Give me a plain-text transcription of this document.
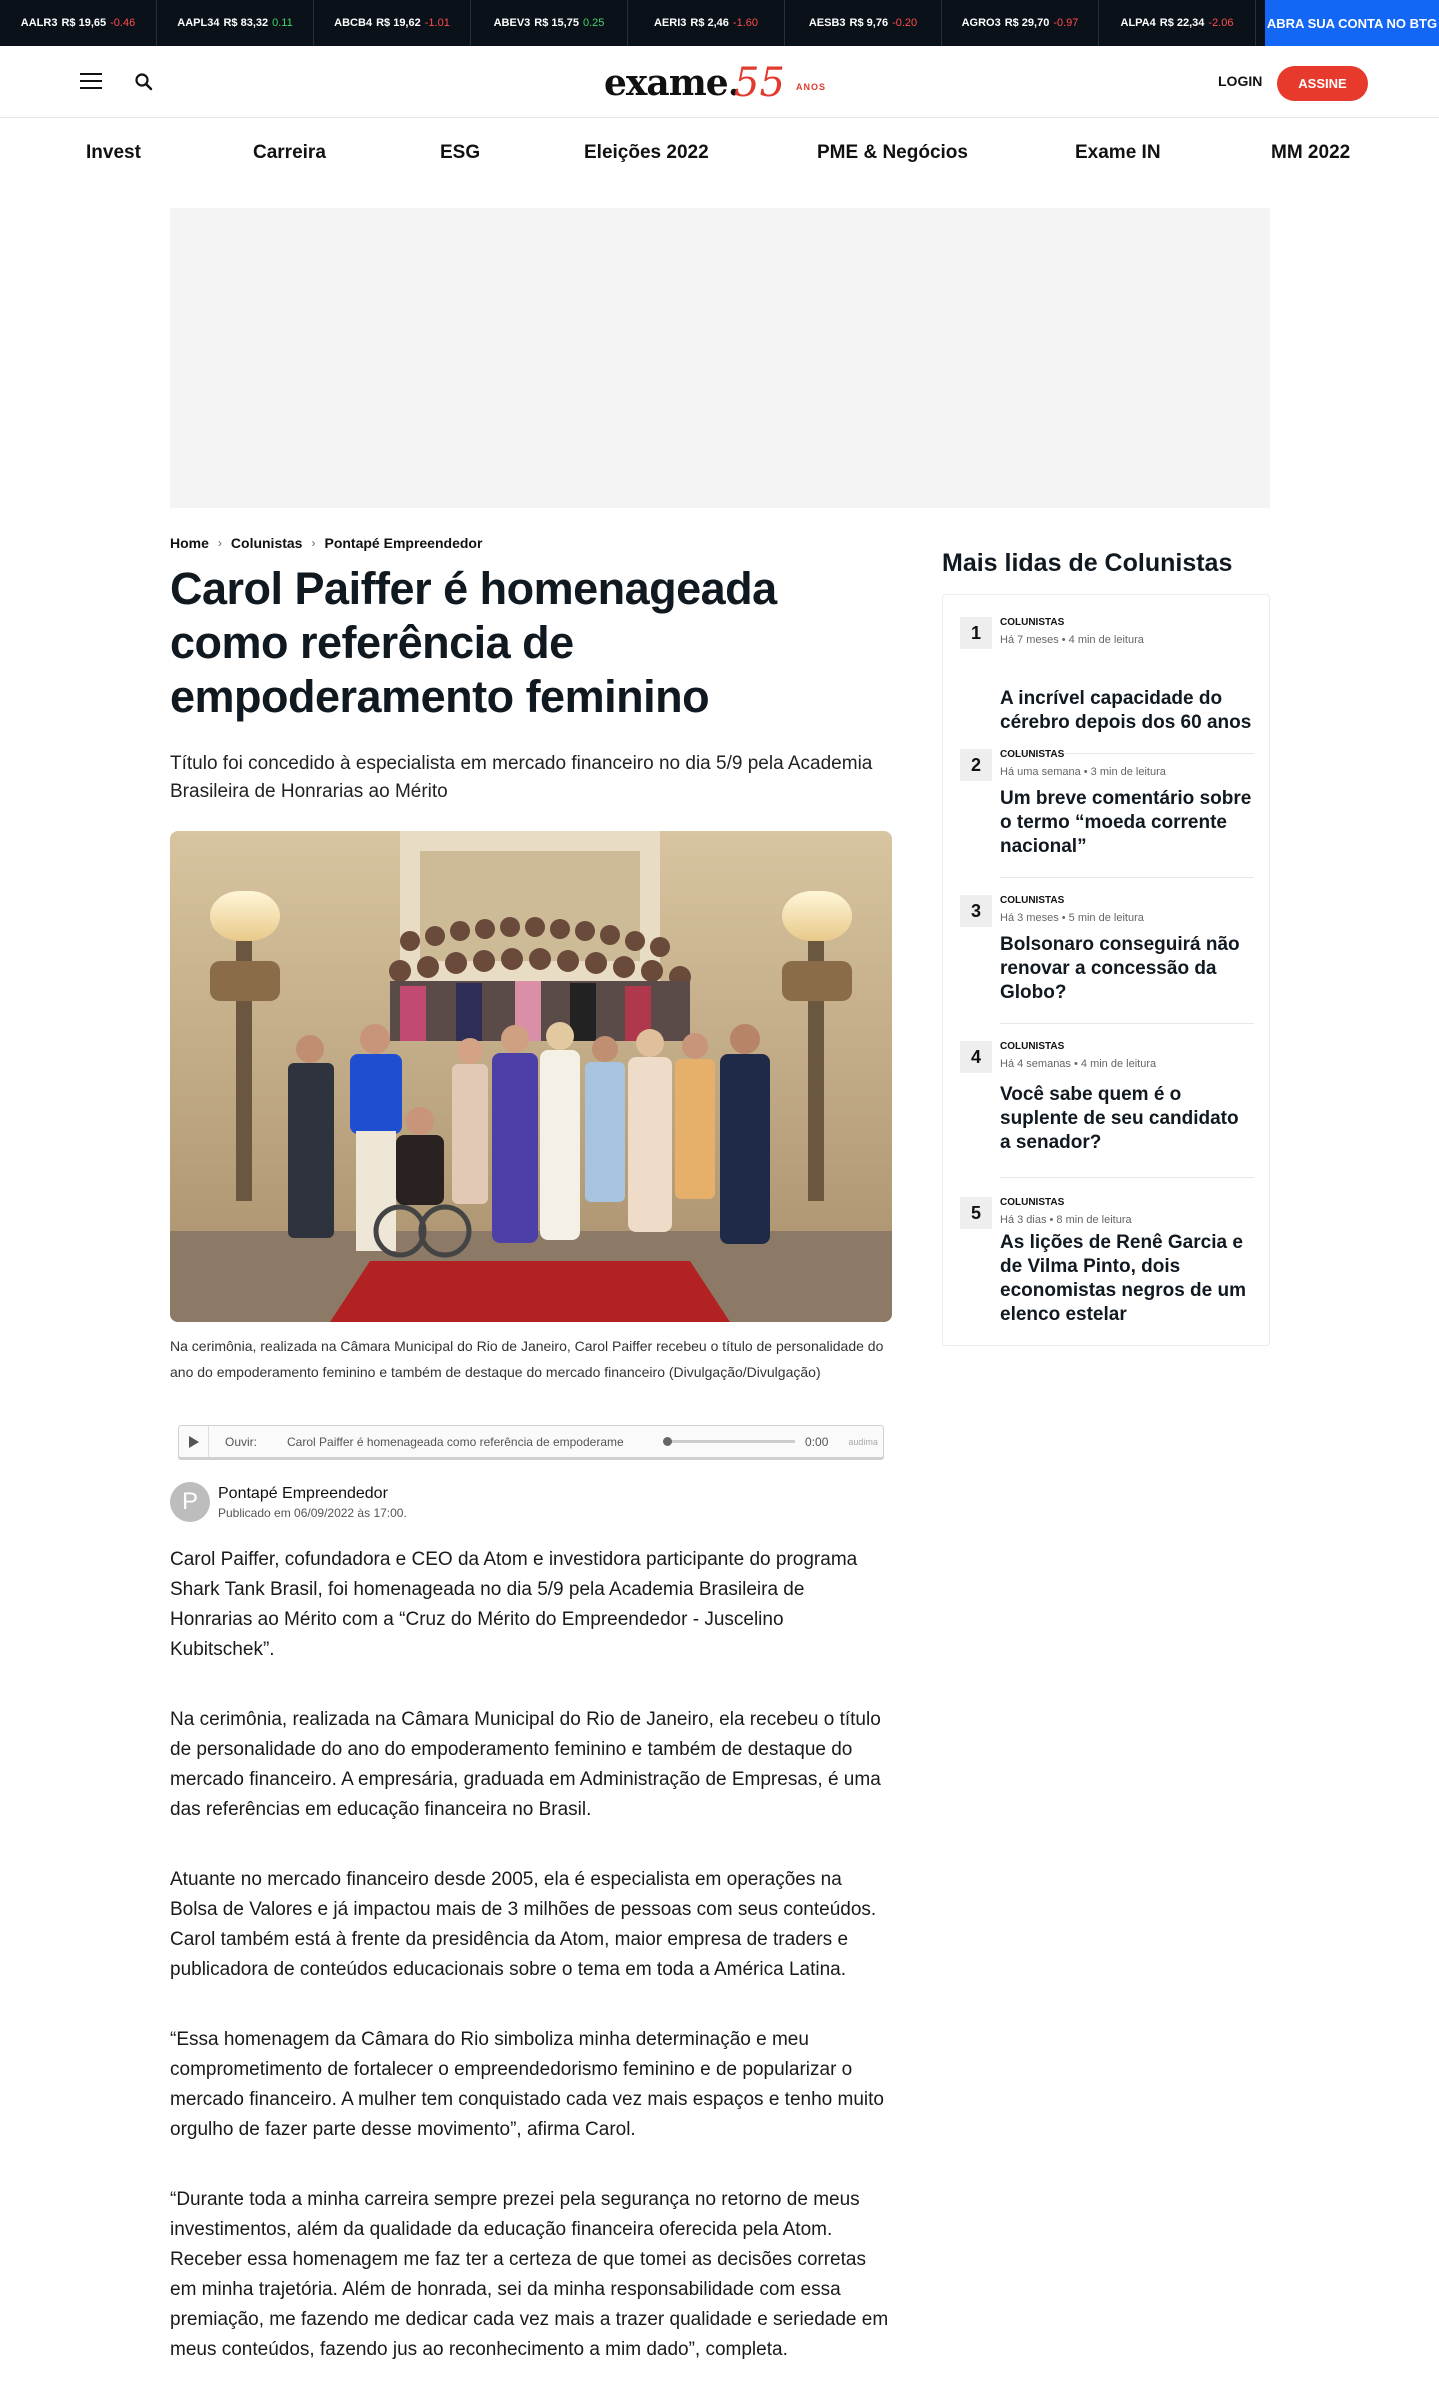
AALR3 R$ 19,65 -0.46	AAPL34 R$ 83,32 0.11	ABCB4 R$ 19,62 -1.01	ABEV3 R$ 15,75 0.25	AERI3 R$ 2,46 -1.60	AESB3 R$ 9,76 -0.20	AGRO3 R$ 29,70 -0.97	ALPA4 R$ 22,34 -2.06	ABRA SUA CONTA NO BTG
exame.
55 ANOS	LOGIN	ASSINE
Invest	Carreira	ESG	Eleições 2022	PME & Negócios	Exame IN	MM 2022
Home › Colunistas › Pontapé Empreendedor
Carol Paiffer é homenageada como referência de empoderamento feminino

Título foi concedido à especialista em mercado financeiro no dia 5/9 pela Academia Brasileira de Honrarias ao Mérito

Na cerimônia, realizada na Câmara Municipal do Rio de Janeiro, Carol Paiffer recebeu o título de personalidade do ano do empoderamento feminino e também de destaque do mercado financeiro (Divulgação/Divulgação)

Ouvir:	Carol Paiffer é homenageada como referência de empoderame	0:00 audima
P	Pontapé Empreendedor
Publicado em 06/09/2022 às 17:00.

Carol Paiffer, cofundadora e CEO da Atom e investidora participante do programa Shark Tank Brasil, foi homenageada no dia 5/9 pela Academia Brasileira de Honrarias ao Mérito com a “Cruz do Mérito do Empreendedor - Juscelino Kubitschek”.

Na cerimônia, realizada na Câmara Municipal do Rio de Janeiro, ela recebeu o título de personalidade do ano do empoderamento feminino e também de destaque do mercado financeiro. A empresária, graduada em Administração de Empresas, é uma das referências em educação financeira no Brasil.

Atuante no mercado financeiro desde 2005, ela é especialista em operações na Bolsa de Valores e já impactou mais de 3 milhões de pessoas com seus conteúdos. Carol também está à frente da presidência da Atom, maior empresa de traders e publicadora de conteúdos educacionais sobre o tema em toda a América Latina.

“Essa homenagem da Câmara do Rio simboliza minha determinação e meu comprometimento de fortalecer o empreendedorismo feminino e de popularizar o mercado financeiro. A mulher tem conquistado cada vez mais espaços e tenho muito orgulho de fazer parte desse movimento”, afirma Carol.

“Durante toda a minha carreira sempre prezei pela segurança no retorno de meus investimentos, além da qualidade da educação financeira oferecida pela Atom. Receber essa homenagem me faz ter a certeza de que tomei as decisões corretas em minha trajetória. Além de honrada, sei da minha responsabilidade com essa premiação, me fazendo me dedicar cada vez mais a trazer qualidade e seriedade em meus conteúdos, fazendo jus ao reconhecimento a mim dado”, completa.

Mais lidas de Colunistas
1	COLUNISTAS
Há 7 meses • 4 min de leitura
A incrível capacidade do cérebro depois dos 60 anos
2	COLUNISTAS
Há uma semana • 3 min de leitura
Um breve comentário sobre o termo “moeda corrente nacional”
3	COLUNISTAS
Há 3 meses • 5 min de leitura
Bolsonaro conseguirá não renovar a concessão da Globo?
4	COLUNISTAS
Há 4 semanas • 4 min de leitura
Você sabe quem é o suplente de seu candidato a senador?
5	COLUNISTAS
Há 3 dias • 8 min de leitura
As lições de Renê Garcia e de Vilma Pinto, dois economistas negros de um elenco estelar
